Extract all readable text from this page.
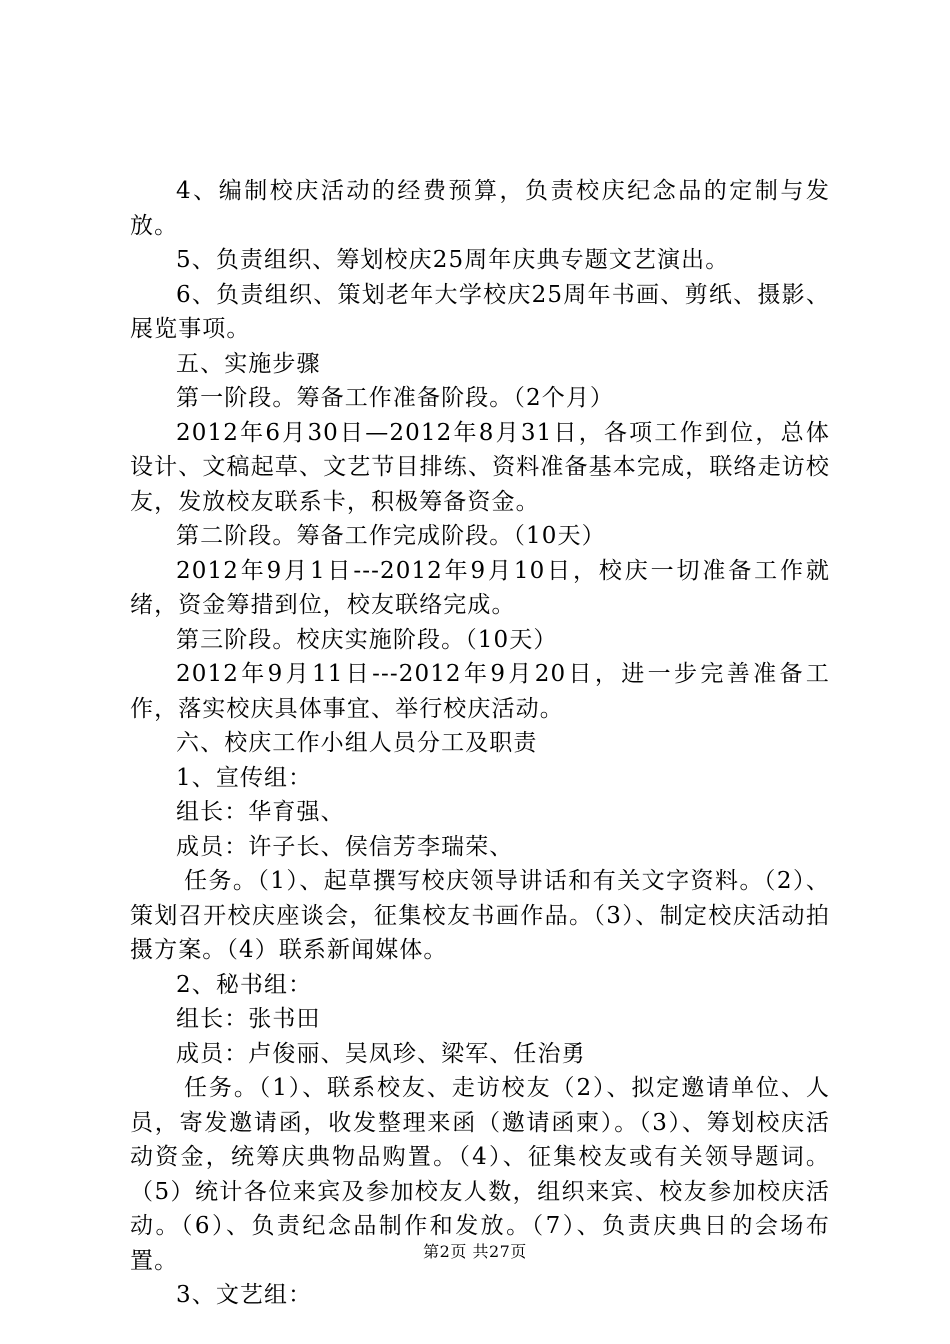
4、编制校庆活动的经费预算，负责校庆纪念品的定制与发放。

5、负责组织、筹划校庆25周年庆典专题文艺演出。

6、负责组织、策划老年大学校庆25周年书画、剪纸、摄影、展览事项。

五、实施步骤

第一阶段。筹备工作准备阶段。（2个月）

2012年6月30日—2012年8月31日，各项工作到位，总体设计、文稿起草、文艺节目排练、资料准备基本完成，联络走访校友，发放校友联系卡，积极筹备资金。

第二阶段。筹备工作完成阶段。（10天）

2012年9月1日---2012年9月10日，校庆一切准备工作就绪，资金筹措到位，校友联络完成。

第三阶段。校庆实施阶段。（10天）

2012年9月11日---2012年9月20日，进一步完善准备工作，落实校庆具体事宜、举行校庆活动。

六、校庆工作小组人员分工及职责

1、宣传组：

组长：华育强、

成员：许子长、侯信芳李瑞荣、

任务。（1）、起草撰写校庆领导讲话和有关文字资料。（2）、策划召开校庆座谈会，征集校友书画作品。（3）、制定校庆活动拍摄方案。（4）联系新闻媒体。

2、秘书组：

组长：张书田

成员：卢俊丽、吴凤珍、梁军、任治勇

任务。（1）、联系校友、走访校友（2）、拟定邀请单位、人员，寄发邀请函，收发整理来函（邀请函柬）。（3）、筹划校庆活动资金，统筹庆典物品购置。（4）、征集校友或有关领导题词。（5）统计各位来宾及参加校友人数，组织来宾、校友参加校庆活动。（6）、负责纪念品制作和发放。（7）、负责庆典日的会场布置。

3、文艺组：

第2页 共27页
